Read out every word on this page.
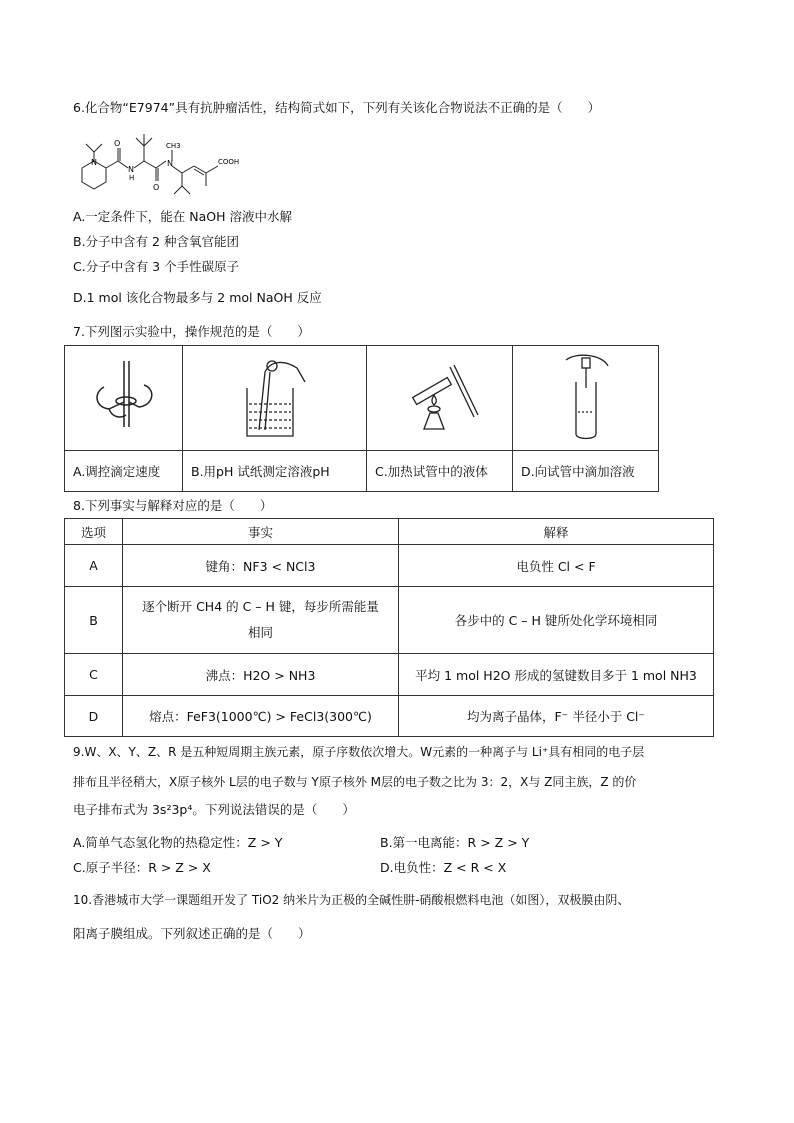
6.化合物“E7974”具有抗肿瘤活性，结构简式如下，下列有关该化合物说法不正确的是（　　）
N
O
N
H
O
N
CH3
COOH
A.一定条件下，能在 NaOH 溶液中水解
B.分子中含有 2 种含氧官能团
C.分子中含有 3 个手性碳原子
D.1 mol 该化合物最多与 2 mol NaOH 反应
7.下列图示实验中，操作规范的是（　　）

A.调控滴定速度	B.用pH 试纸测定溶液pH	C.加热试管中的液体	D.向试管中滴加溶液
8.下列事实与解释对应的是（　　）
选项	事实	解释
A	键角：NF3 < NCl3	电负性 Cl < F
B	逐个断开 CH4 的 C – H 键，每步所需能量相同	各步中的 C – H 键所处化学环境相同
C	沸点：H2O > NH3	平均 1 mol H2O 形成的氢键数目多于 1 mol NH3
D	熔点：FeF3(1000℃) > FeCl3(300℃)	均为离子晶体，F⁻ 半径小于 Cl⁻
9.W、X、Y、Z、R 是五种短周期主族元素，原子序数依次增大。W元素的一种离子与 Li⁺具有相同的电子层
排布且半径稍大，X原子核外 L层的电子数与 Y原子核外 M层的电子数之比为 3：2，X与 Z同主族，Z 的价
电子排布式为 3s²3p⁴。下列说法错误的是（　　）
A.简单气态氢化物的热稳定性：Z > Y	B.第一电离能：R > Z > Y
C.原子半径：R > Z > X	D.电负性：Z < R < X
10.香港城市大学一课题组开发了 TiO2 纳米片为正极的全碱性肼-硝酸根燃料电池（如图），双极膜由阴、
阳离子膜组成。下列叙述正确的是（　　）
